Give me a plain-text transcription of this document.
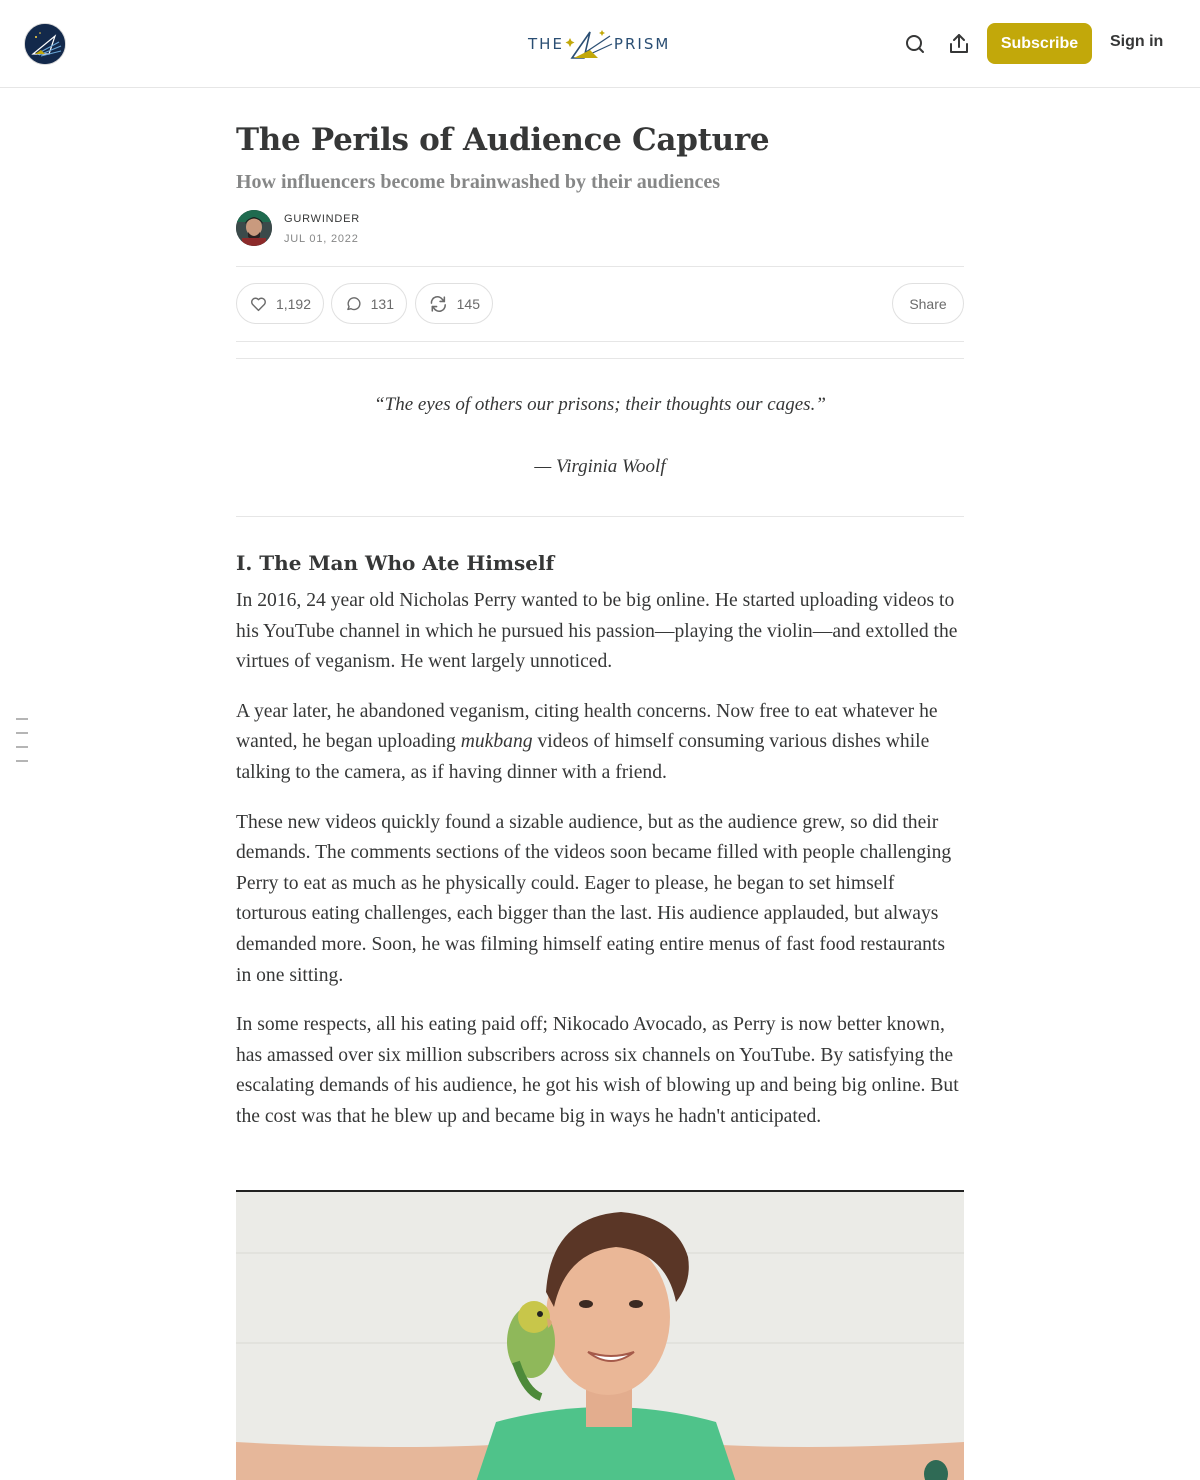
THE	PRISM	Subscribe	Sign in
The Perils of Audience Capture
How influencers become brainwashed by their audiences
GURWINDER
JUL 01, 2022
1,192	131	145	Share

“The eyes of others our prisons; their thoughts our cages.”

— Virginia Woolf

I. The Man Who Ate Himself

In 2016, 24 year old Nicholas Perry wanted to be big online. He started uploading videos to his YouTube channel in which he pursued his passion—playing the violin—and extolled the virtues of veganism. He went largely unnoticed.

A year later, he abandoned veganism, citing health concerns. Now free to eat whatever he wanted, he began uploading mukbang videos of himself consuming various dishes while talking to the camera, as if having dinner with a friend.

These new videos quickly found a sizable audience, but as the audience grew, so did their demands. The comments sections of the videos soon became filled with people challenging Perry to eat as much as he physically could. Eager to please, he began to set himself torturous eating challenges, each bigger than the last. His audience applauded, but always demanded more. Soon, he was filming himself eating entire menus of fast food restaurants in one sitting.

In some respects, all his eating paid off; Nikocado Avocado, as Perry is now better known, has amassed over six million subscribers across six channels on YouTube. By satisfying the escalating demands of his audience, he got his wish of blowing up and being big online. But the cost was that he blew up and became big in ways he hadn't anticipated.
